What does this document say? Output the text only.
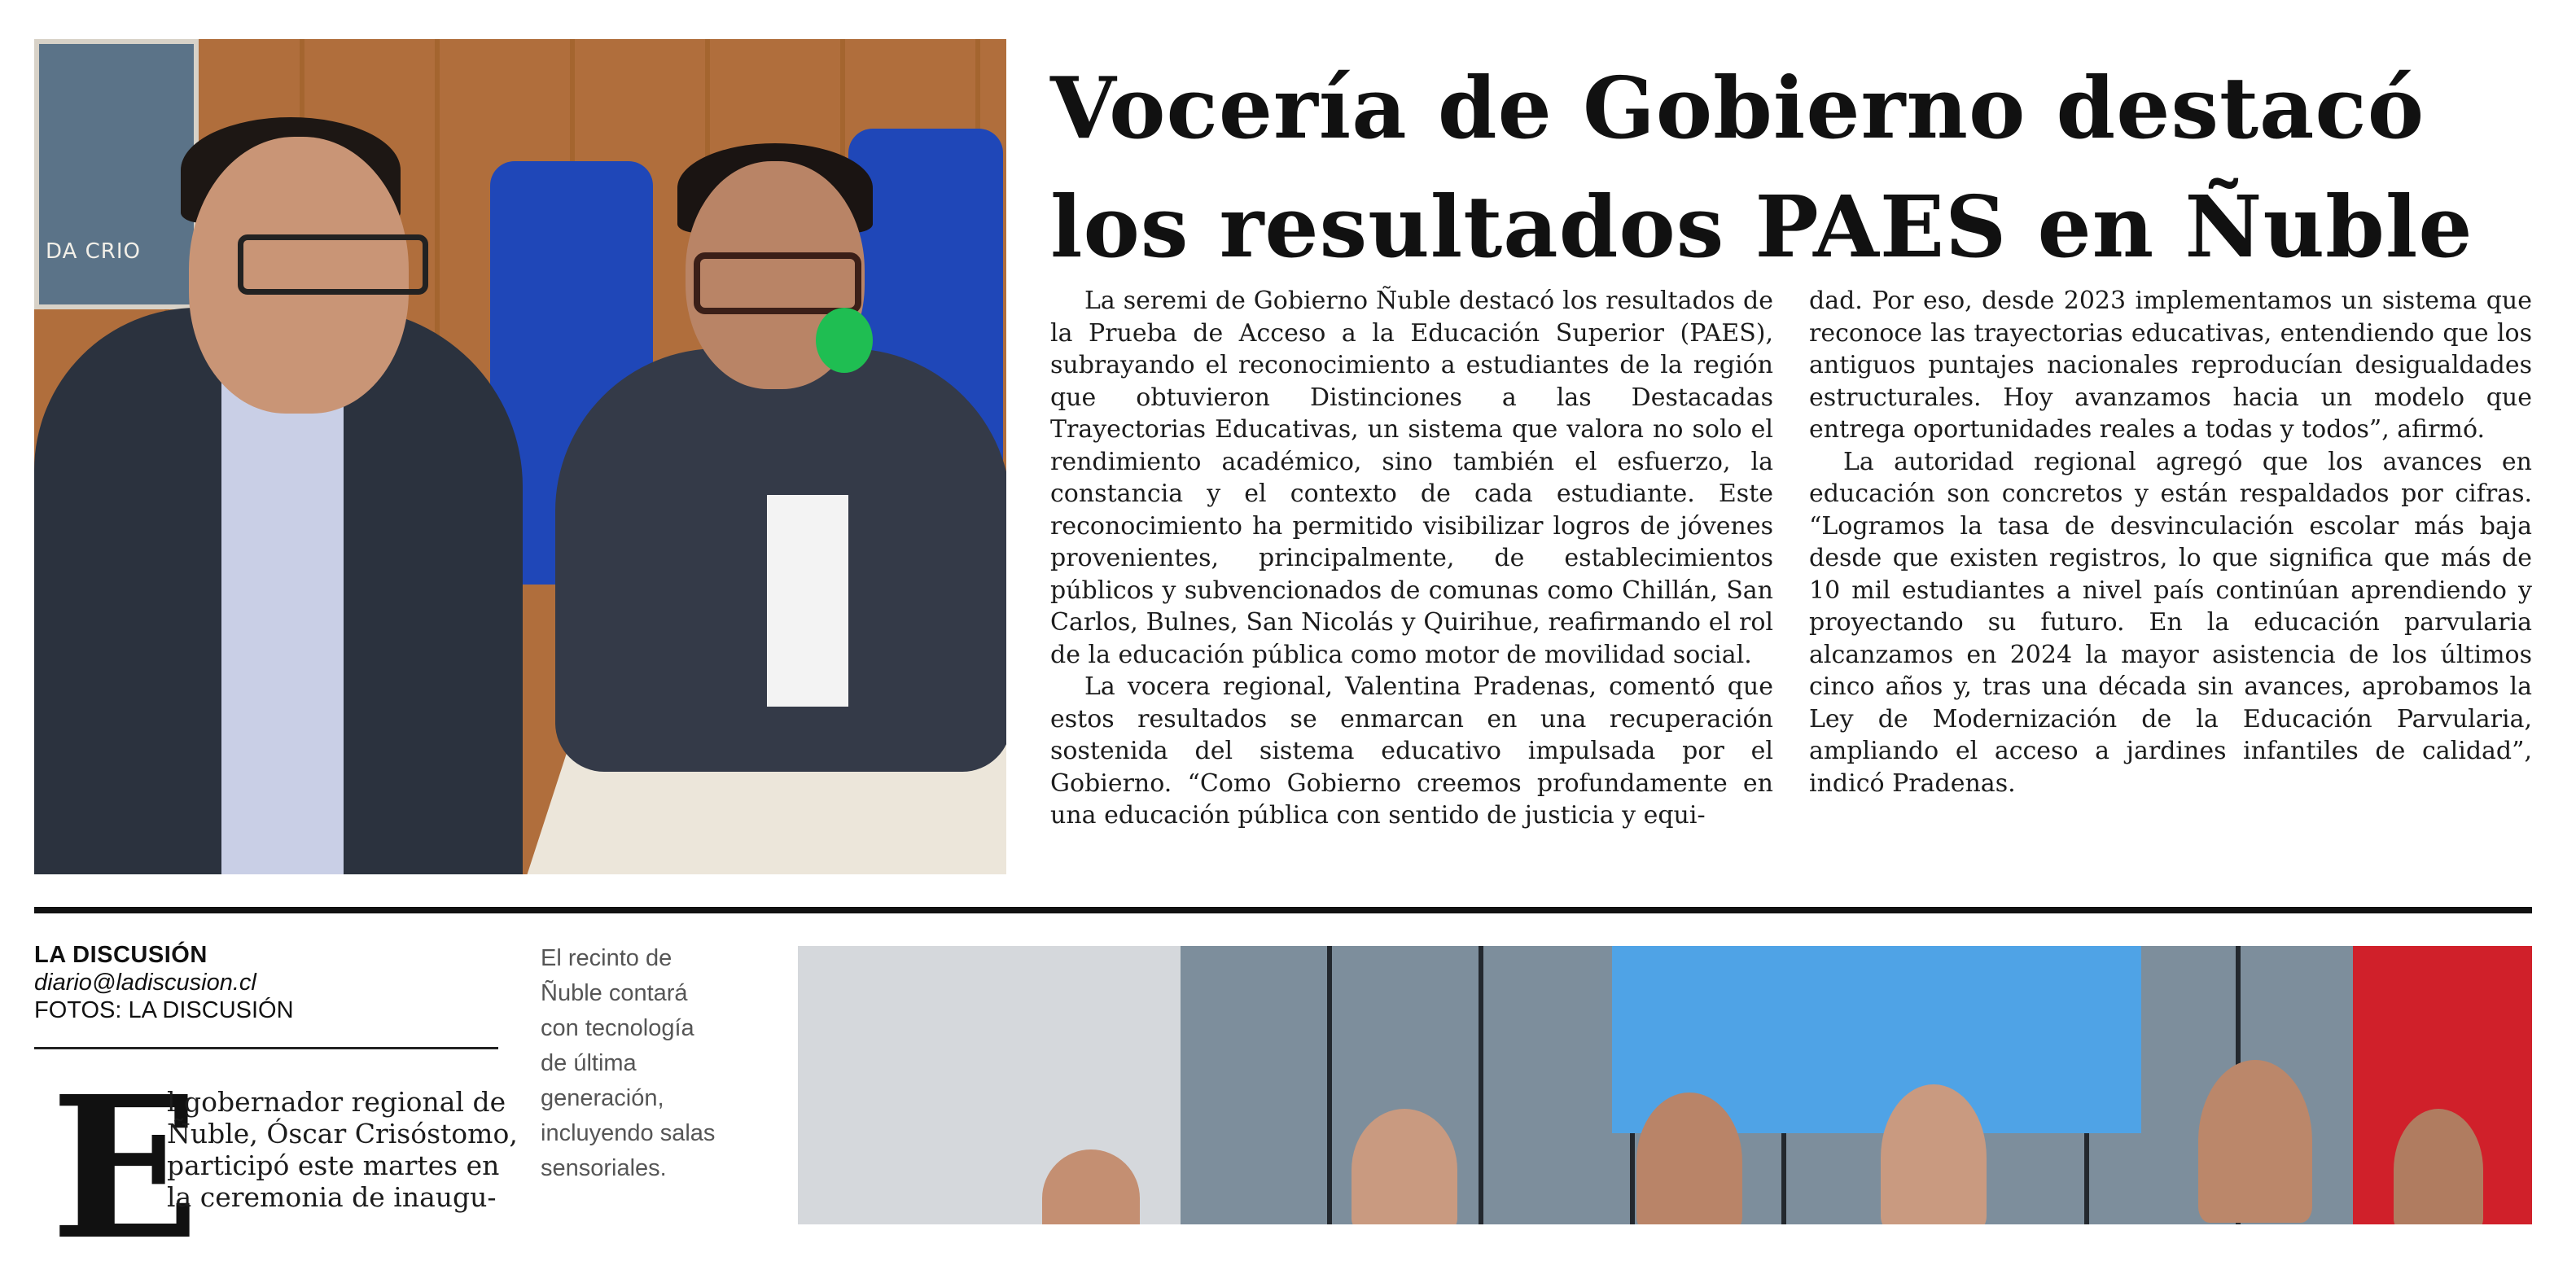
DA CRIO
Vocería de Gobierno destacó
los resultados PAES en Ñuble

La seremi de Gobierno Ñuble destacó los resultados de la Prueba de Acceso a la Educación Superior (PAES), subrayando el reconocimiento a estudiantes de la región que obtuvieron Distinciones a las Destacadas Trayectorias Educativas, un sistema que valora no solo el rendimiento académico, sino también el esfuerzo, la constancia y el contexto de cada estudiante. Este reconocimiento ha permitido visibilizar logros de jóvenes provenientes, principalmente, de establecimientos públicos y subvencionados de comunas como Chillán, San Carlos, Bulnes, San Nicolás y Quirihue, reafirmando el rol de la educación pública como motor de movilidad social.

La vocera regional, Valentina Pradenas, comentó que estos resultados se enmarcan en una recuperación sostenida del sistema educativo impulsada por el Gobierno. “Como Gobierno creemos profundamente en una educación pública con sentido de justicia y equi-

dad. Por eso, desde 2023 implementamos un sistema que reconoce las trayectorias educativas, entendiendo que los antiguos puntajes nacionales reproducían desigualdades estructurales. Hoy avanzamos hacia un modelo que entrega oportunidades reales a todas y todos”, afirmó.

La autoridad regional agregó que los avances en educación son concretos y están respaldados por cifras. “Logramos la tasa de desvinculación escolar más baja desde que existen registros, lo que significa que más de 10 mil estudiantes a nivel país continúan aprendiendo y proyectando su futuro. En la educación parvularia alcanzamos en 2024 la mayor asistencia de los últimos cinco años y, tras una década sin avances, aprobamos la Ley de Modernización de la Educación Parvularia, ampliando el acceso a jardines infantiles de calidad”, indicó Pradenas.

LA DISCUSIÓN
diario@ladiscusion.cl
FOTOS: LA DISCUSIÓN
E
l gobernador regional de
Ñuble, Óscar Crisóstomo,
participó este martes en
la ceremonia de inaugu-
El recinto de
Ñuble contará
con tecnología
de última
generación,
incluyendo salas
sensoriales.
